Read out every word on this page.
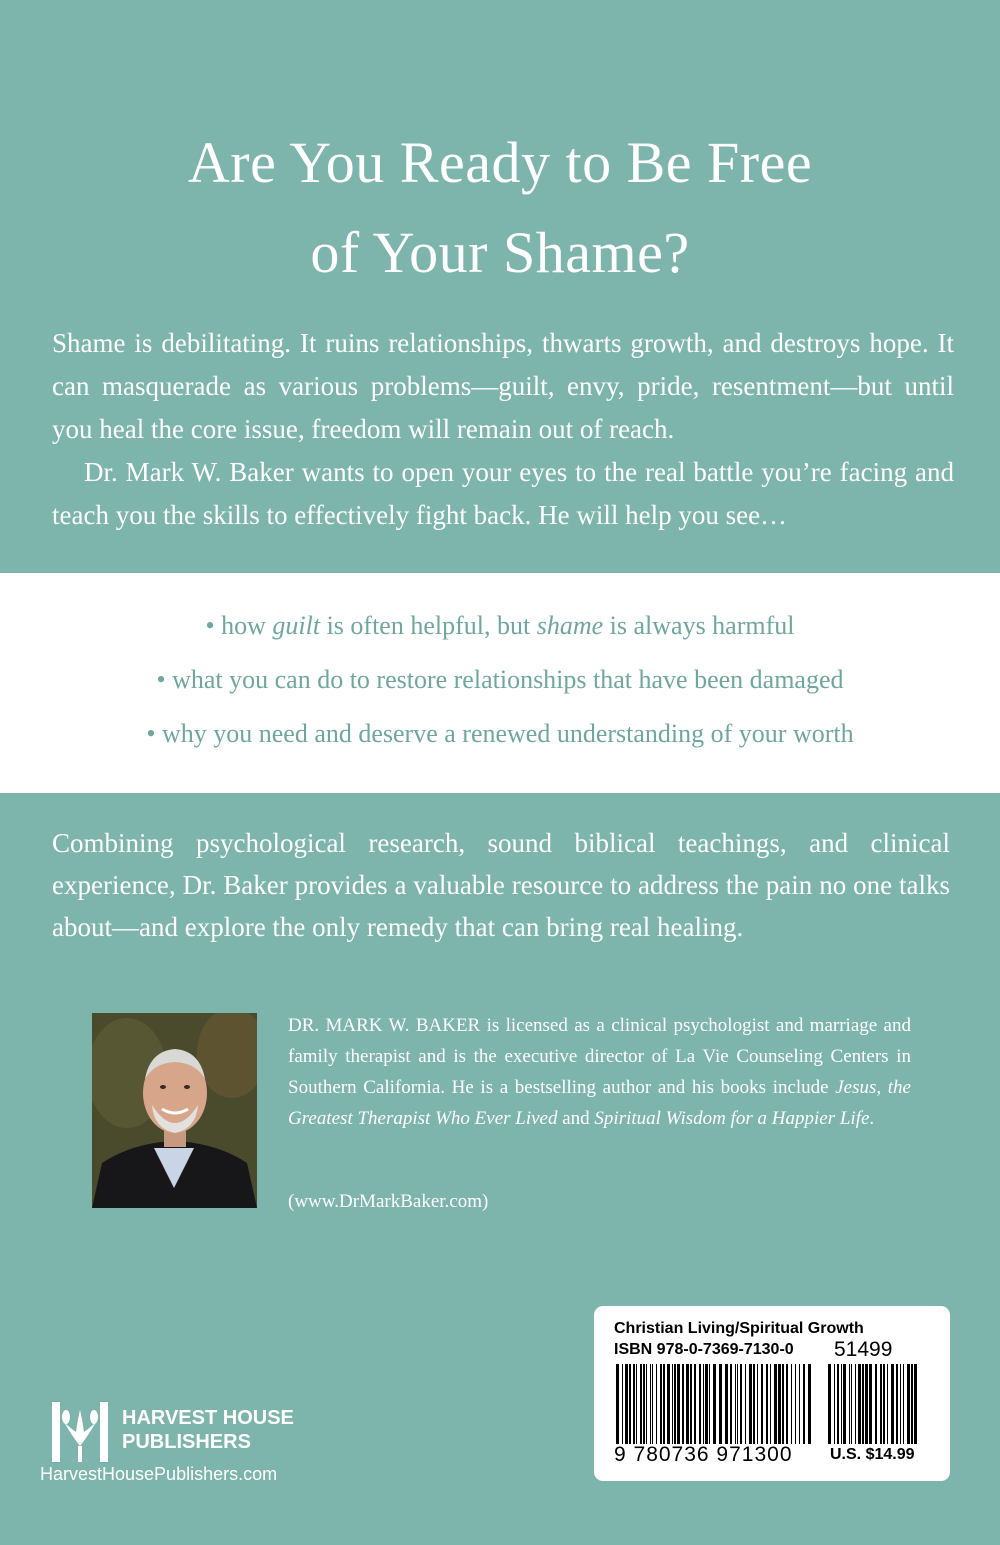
Are You Ready to Be Free
of Your Shame?

Shame is debilitating. It ruins relationships, thwarts growth, and destroys hope. It can masquerade as various problems—guilt, envy, pride, resentment—but until you heal the core issue, freedom will remain out of reach.

Dr. Mark W. Baker wants to open your eyes to the real battle you’re facing and teach you the skills to effectively fight back. He will help you see…

• how guilt is often helpful, but shame is always harmful
• what you can do to restore relationships that have been damaged
• why you need and deserve a renewed understanding of your worth

Combining psychological research, sound biblical teachings, and clinical experience, Dr. Baker provides a valuable resource to address the pain no one talks about—and explore the only remedy that can bring real healing.

DR. MARK W. BAKER is licensed as a clinical psychologist and marriage and family therapist and is the executive director of La Vie Counseling Centers in Southern California. He is a bestselling author and his books include Jesus, the Greatest Therapist Who Ever Lived and Spiritual Wisdom for a Happier Life.

(www.DrMarkBaker.com)
Christian Living/Spiritual Growth
ISBN 978-0-7369-7130-0 51499
9 780736 971300 U.S. $14.99
HARVEST HOUSE
PUBLISHERS
HarvestHousePublishers.com
